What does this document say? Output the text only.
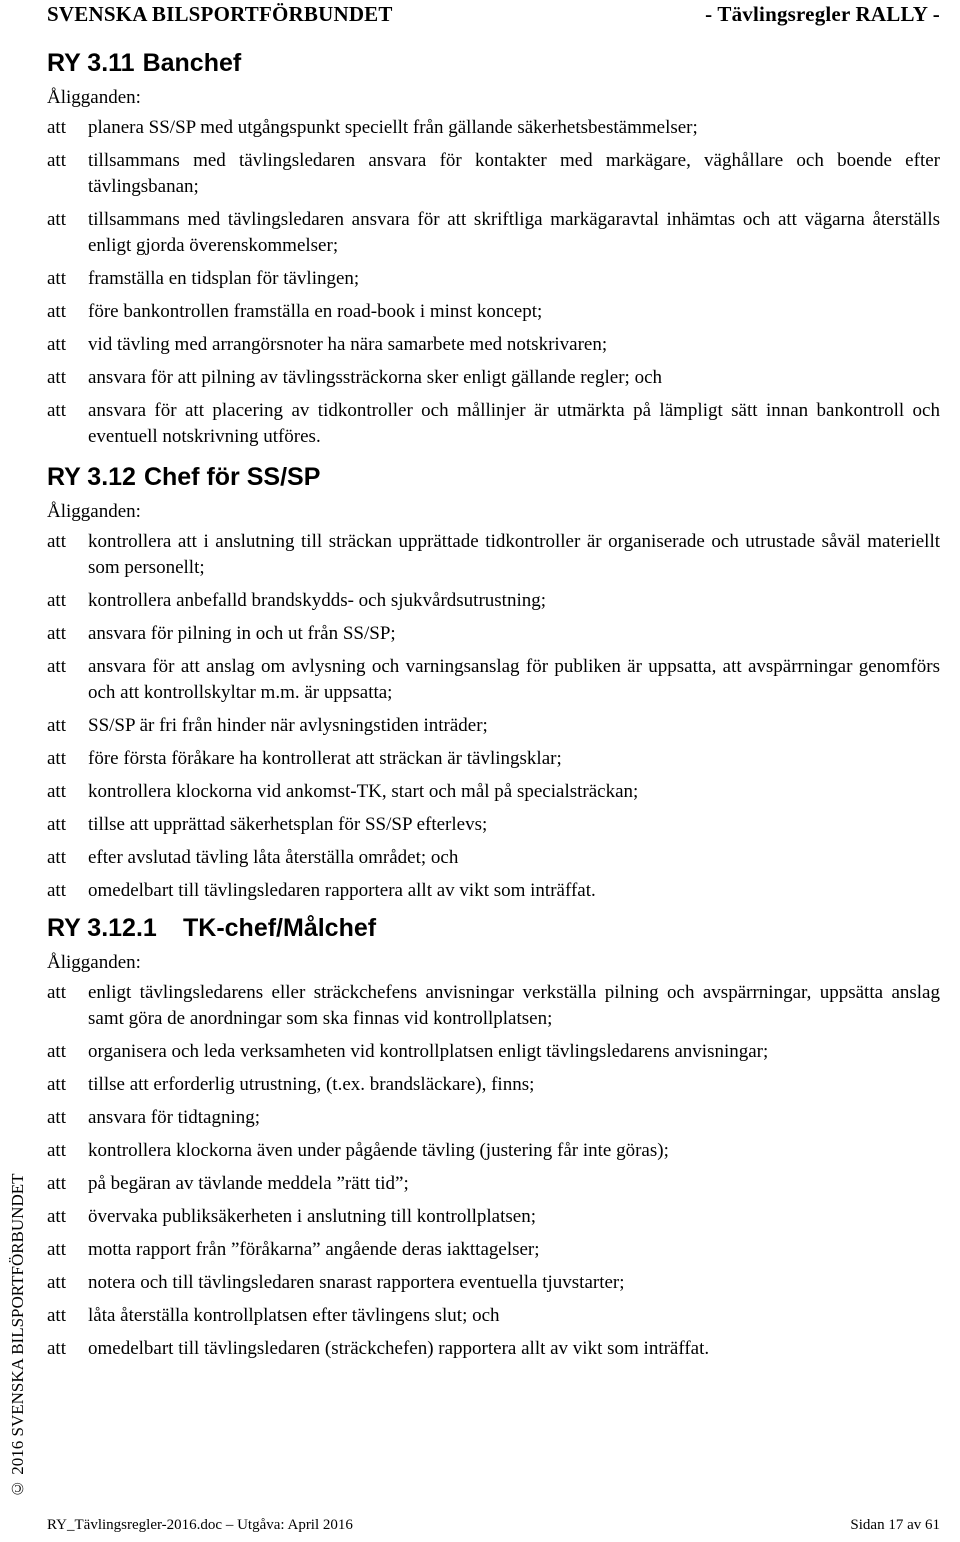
SVENSKA BILSPORTFÖRBUNDET	- Tävlingsregler RALLY -
RY 3.11 Banchef
Åligganden:
att	planera SS/SP med utgångspunkt speciellt från gällande säkerhetsbestämmelser;
att	tillsammans med tävlingsledaren ansvara för kontakter med markägare, väghållare och boende efter tävlingsbanan;
att	tillsammans med tävlingsledaren ansvara för att skriftliga markägaravtal inhämtas och att vägarna återställs enligt gjorda överenskommelser;
att	framställa en tidsplan för tävlingen;
att	före bankontrollen framställa en road-book i minst koncept;
att	vid tävling med arrangörsnoter ha nära samarbete med notskrivaren;
att	ansvara för att pilning av tävlingssträckorna sker enligt gällande regler; och
att	ansvara för att placering av tidkontroller och mållinjer är utmärkta på lämpligt sätt innan bankontroll och eventuell notskrivning utföres.
RY 3.12 Chef för SS/SP
Åligganden:
att	kontrollera att i anslutning till sträckan upprättade tidkontroller är organiserade och utrustade såväl materiellt som personellt;
att	kontrollera anbefalld brandskydds- och sjukvårdsutrustning;
att	ansvara för pilning in och ut från SS/SP;
att	ansvara för att anslag om avlysning och varningsanslag för publiken är uppsatta, att avspärrningar genomförs och att kontrollskyltar m.m. är uppsatta;
att	SS/SP är fri från hinder när avlysningstiden inträder;
att	före första föråkare ha kontrollerat att sträckan är tävlingsklar;
att	kontrollera klockorna vid ankomst-TK, start och mål på specialsträckan;
att	tillse att upprättad säkerhetsplan för SS/SP efterlevs;
att	efter avslutad tävling låta återställa området; och
att	omedelbart till tävlingsledaren rapportera allt av vikt som inträffat.
RY 3.12.1	TK-chef/Målchef
Åligganden:
att	enligt tävlingsledarens eller sträckchefens anvisningar verkställa pilning och avspärrningar, uppsätta anslag samt göra de anordningar som ska finnas vid kontrollplatsen;
att	organisera och leda verksamheten vid kontrollplatsen enligt tävlingsledarens anvisningar;
att	tillse att erforderlig utrustning, (t.ex. brandsläckare), finns;
att	ansvara för tidtagning;
att	kontrollera klockorna även under pågående tävling (justering får inte göras);
att	på begäran av tävlande meddela ”rätt tid”;
att	övervaka publiksäkerheten i anslutning till kontrollplatsen;
att	motta rapport från ”föråkarna” angående deras iakttagelser;
att	notera och till tävlingsledaren snarast rapportera eventuella tjuvstarter;
att	låta återställa kontrollplatsen efter tävlingens slut; och
att	omedelbart till tävlingsledaren (sträckchefen) rapportera allt av vikt som inträffat.
© 2016 SVENSKA BILSPORTFÖRBUNDET
RY_Tävlingsregler-2016.doc – Utgåva: April 2016	Sidan 17 av 61
